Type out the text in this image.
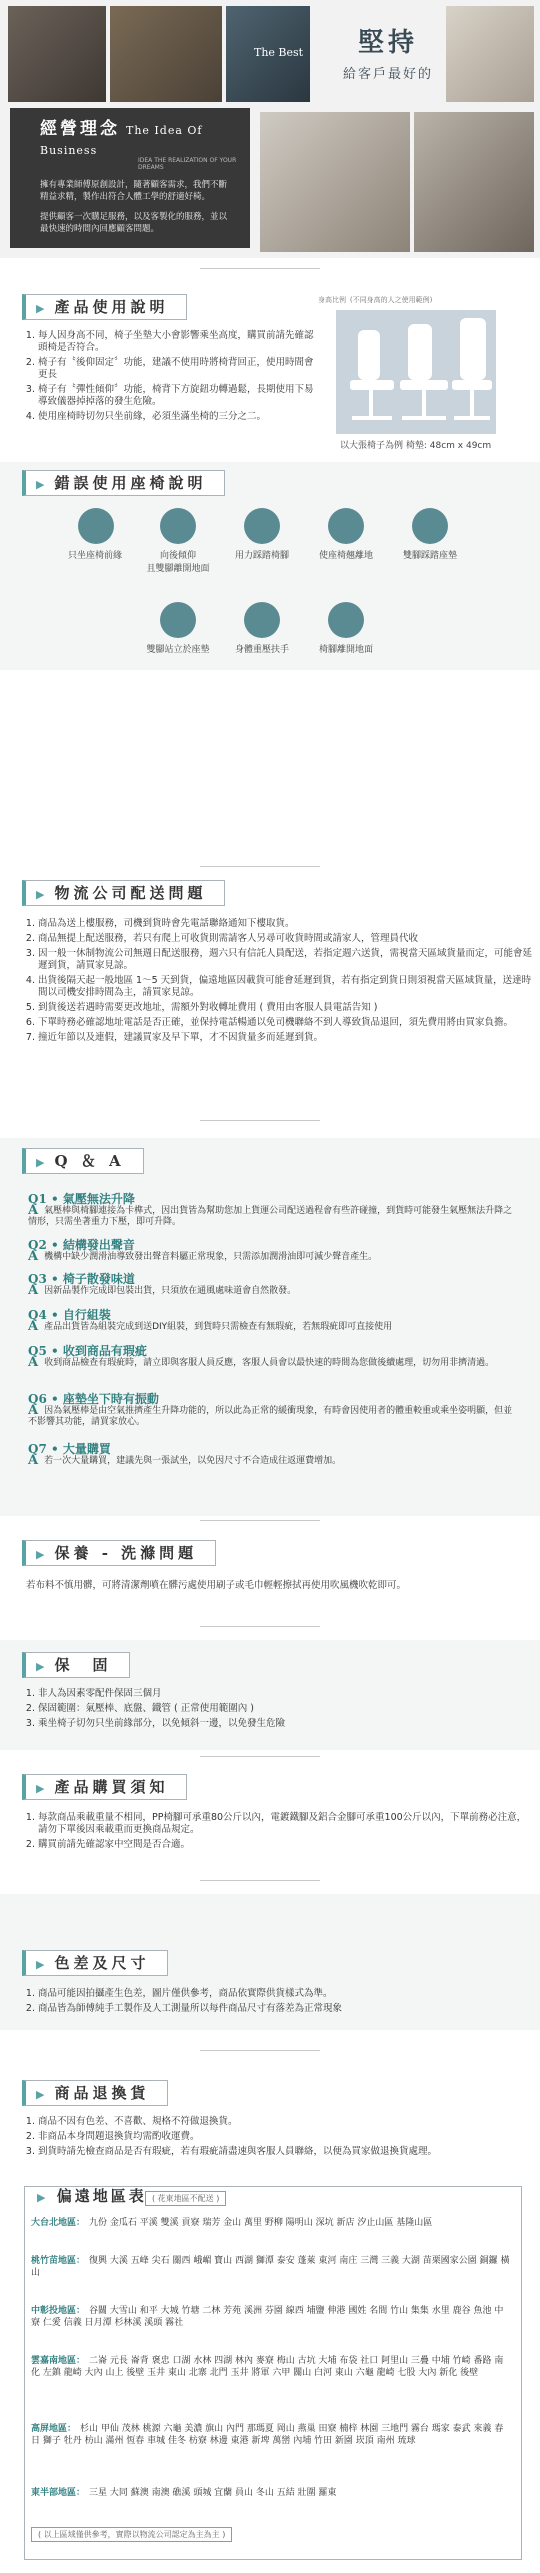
The Best	堅持
給客戶最好的
經營理念 The Idea Of Business
IDEA THE REALIZATION OF YOUR DREAMS

擁有專業師傅原創設計，隨著顧客需求，我們不斷精益求精，製作出符合人體工學的舒適好椅。

提供顧客一次購足服務，以及客製化的服務，並以最快速的時間內回應顧客問題。

▶ 產品使用說明
1. 每人因身高不同，椅子坐墊大小會影響乘坐高度，購買前請先確認頭椅是否符合。
2. 椅子有〝後仰固定〞功能，建議不使用時將椅背回正，使用時間會更長
3. 椅子有〝彈性傾仰〞功能，椅背下方旋鈕功轉過鬆，長期使用下易導致儀器掉掉落的發生危險。
4. 使用座椅時切勿只坐前緣，必須坐滿坐椅的三分之二。
身高比例 (不同身高的人之使用範例)
以大張椅子為例 椅墊: 48cm x 49cm
▶ 錯誤使用座椅說明
只坐座椅前緣	向後傾仰
且雙腳離開地面
用力踩踏椅腳	使座椅翹離地	雙腳踩踏座墊
雙腳站立於座墊	身體重壓扶手	椅腳離開地面
▶ 物流公司配送問題
1. 商品為送上樓服務，司機到貨時會先電話聯絡通知下樓取貨。
2. 商品無提上配送服務，若只有爬上可收貨則需請客人另尋可收貨時間或請家人，管理員代收
3. 因一般一休制物流公司無週日配送服務，週六只有信託人員配送，若指定週六送貨，需視當天區域貨量而定，可能會延遲到貨，請買家見諒。
4. 出貨後隔天起一般地區 1～5 天到貨，偏遠地區因載貨可能會延遲到貨，若有指定到貨日則須視當天區域貨量，送達時間以司機安排時間為主，請買家見諒。
5. 到貨後送若遇時需要更改地址，需額外對收轉址費用 ( 費用由客服人員電話告知 )
6. 下單時務必確認地址電話是否正確，並保持電話暢通以免司機聯絡不到人導致貨品退回，須先費用將由買家負擔。
7. 撞近年節以及連假，建議買家及早下單，才不因貨量多而延遲到貨。
▶ Q ＆ A
Q1 • 氣壓無法升降
A 氣壓棒與椅腳連接為卡榫式，因出貨皆為幫助您加上貨運公司配送過程會有些許碰撞，到貨時可能發生氣壓無法升降之情形，只需坐著重力下壓，即可升降。
Q2 • 結構發出聲音
A 機構中缺少潤滑油導致發出聲音料屬正常現象，只需添加潤滑油即可減少聲音產生。
Q3 • 椅子散發味道
A 因新品製作完成即包裝出貨，只須放在通風處味道會自然散發。
Q4 • 自行組裝
A 產品出貨皆為組裝完成到送DIY組裝，到貨時只需檢查有無瑕疵，若無瑕疵即可直接使用
Q5 • 收到商品有瑕疵
A 收到商品檢查有瑕疵時，請立即與客服人員反應，客服人員會以最快速的時間為您做後續處理，切勿用非擠清過。
Q6 • 座墊坐下時有振動
A 因為氣壓棒是由空氣推擠產生升降功能的，所以此為正常的緩衝現象，有時會因使用者的體重較重或乘坐姿明顯，但並不影響其功能，請買家放心。
Q7 • 大量購買
A 若一次大量購買，建議先與一張試坐，以免因尺寸不合造成往返運費增加。
▶ 保養 - 洗滌問題
若布料不慎用髒，可將清潔劑噴在髒污處使用刷子或毛巾輕輕擦拭再使用吹風機吹乾即可。
▶ 保　固
1. 非人為因素零配件保固三個月
2. 保固範圍：氣壓棒、底盤、鐵管 ( 正常使用範圍內 )
3. 乘坐椅子切勿只坐前緣部分，以免傾斜一邊，以免發生危險
▶ 產品購買須知
1. 每款商品乘載重量不相同，PP椅腳可承重80公斤以內，電鍍鐵腳及鋁合金腳可承重100公斤以內，下單前務必注意，請勿下單後因乘載重而更換商品規定。
2. 購買前請先確認家中空間是否合適。
▶ 色差及尺寸
1. 商品可能因拍攝產生色差，圖片僅供參考，商品依實際供貨樣式為準。
2. 商品皆為師傅純手工製作及人工測量所以每件商品尺寸有落差為正常現象
▶ 商品退換貨
1. 商品不因有色差、不喜歡、規格不符做退換貨。
2. 非商品本身問題退換貨均需酌收運費。
3. 到貨時請先檢查商品是否有瑕疵，若有瑕疵請盡速與客服人員聯絡，以便為買家做退換貨處理。
▶ 偏遠地區表 ( 花東地區不配送 )
大台北地區： 九份 金瓜石 平溪 雙溪 貢寮 瑞芳 金山 萬里 野柳 陽明山 深坑 新店 汐止山區 基隆山區
桃竹苗地區： 復興 大溪 五峰 尖石 關西 峨嵋 寶山 西湖 獅潭 泰安 蓬萊 東河 南庄 三灣 三義 大湖 苗栗國家公園 銅鑼 橫山
中彰投地區： 谷關 大雪山 和平 大城 竹塘 二林 芳苑 溪洲 芬園 線西 埔鹽 伸港 國姓 名間 竹山 集集 水里 鹿谷 魚池 中寮 仁愛 信義 日月潭 杉林溪 溪頭 霧社
雲嘉南地區： 二崙 元長 崙背 褒忠 口湖 水林 四湖 林內 麥寮 梅山 古坑 大埔 布袋 社口 阿里山 三疊 中埔 竹崎 番路 南化 左鎮 龍崎 大內 山上 後壁 玉井 東山 北寨 北門 玉井 將軍 六甲 關山 白河 東山 六龜 龍崎 七股 大內 新化 後壁
高屏地區： 杉山 甲仙 茂林 桃源 六龜 美濃 旗山 內門 那瑪夏 岡山 燕巢 田寮 楠梓 林園 三地門 霧台 瑪家 泰武 來義 春日 獅子 牡丹 枋山 滿州 恆春 車城 佳冬 枋寮 林邊 東港 新埤 萬巒 內埔 竹田 新園 崁頂 南州 琉球
東半部地區： 三星 大同 蘇澳 南澳 礁溪 頭城 宜蘭 員山 冬山 五結 壯圍 羅東
( 以上區域僅供參考，實際以物流公司認定為主為主 )
